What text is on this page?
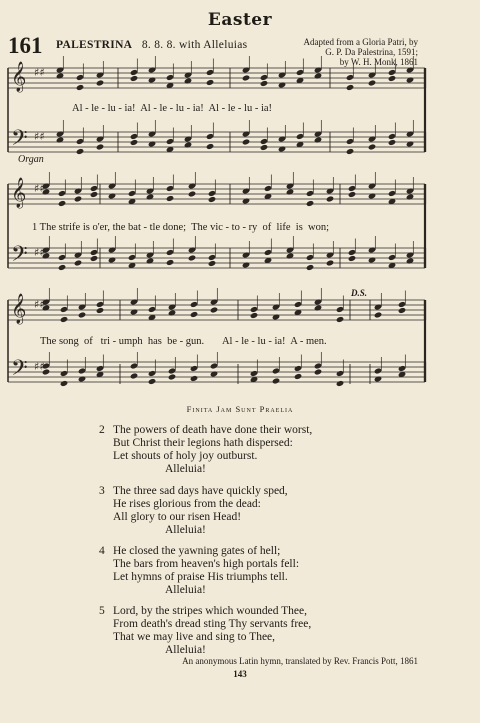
Easter
161 PALESTRINA 8. 8. 8. with Alleluias	Adapted from a Gloria Patri, by
G. P. Da Palestrina, 1591;
by W. H. Monk, 1861
𝄞 ♯♯
𝄢 ♯♯
𝄞 ♯♯
𝄢 ♯♯
𝄞 ♯♯
𝄢 ♯♯
Al - le - lu - ia!  Al - le - lu - ia!  Al - le - lu - ia!
Organ
1 The strife is o'er, the bat - tle done;  The vic - to - ry  of  life  is  won;
D.S.
The song  of   tri - umph  has  be - gun.       Al - le - lu - ia!  A - men.
Finita Jam Sunt Praelia
2 The powers of death have done their worst,
But Christ their legions hath dispersed:
Let shouts of holy joy outburst.
Alleluia!
3 The three sad days have quickly sped,
He rises glorious from the dead:
All glory to our risen Head!
Alleluia!
4 He closed the yawning gates of hell;
The bars from heaven's high portals fell:
Let hymns of praise His triumphs tell.
Alleluia!
5 Lord, by the stripes which wounded Thee,
From death's dread sting Thy servants free,
That we may live and sing to Thee,
Alleluia!
An anonymous Latin hymn, translated by Rev. Francis Pott, 1861
143
